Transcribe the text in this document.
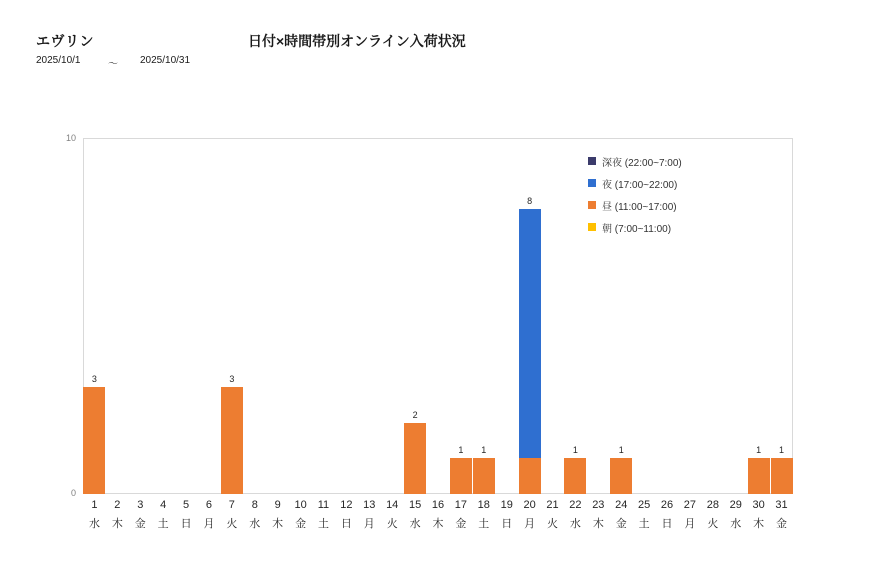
エヴリン
2025/10/1	～ 2025/10/31
日付×時間帯別オンライン入荷状況
10
0
3	3
2
1	1
8
1	1	1	1
1
水
2
木
3
金
4
土
5
日
6
月
7
火
8
水
9
木
10
金
11
土
12
日
13
月
14
火
15
水
16
木
17
金
18
土
19
日
20
月
21
火
22
水
23
木
24
金
25
土
26
日
27
月
28
火
29
水
30
木
31
金
深夜 (22:00~7:00)
夜 (17:00~22:00)
昼 (11:00~17:00)
朝 (7:00~11:00)
